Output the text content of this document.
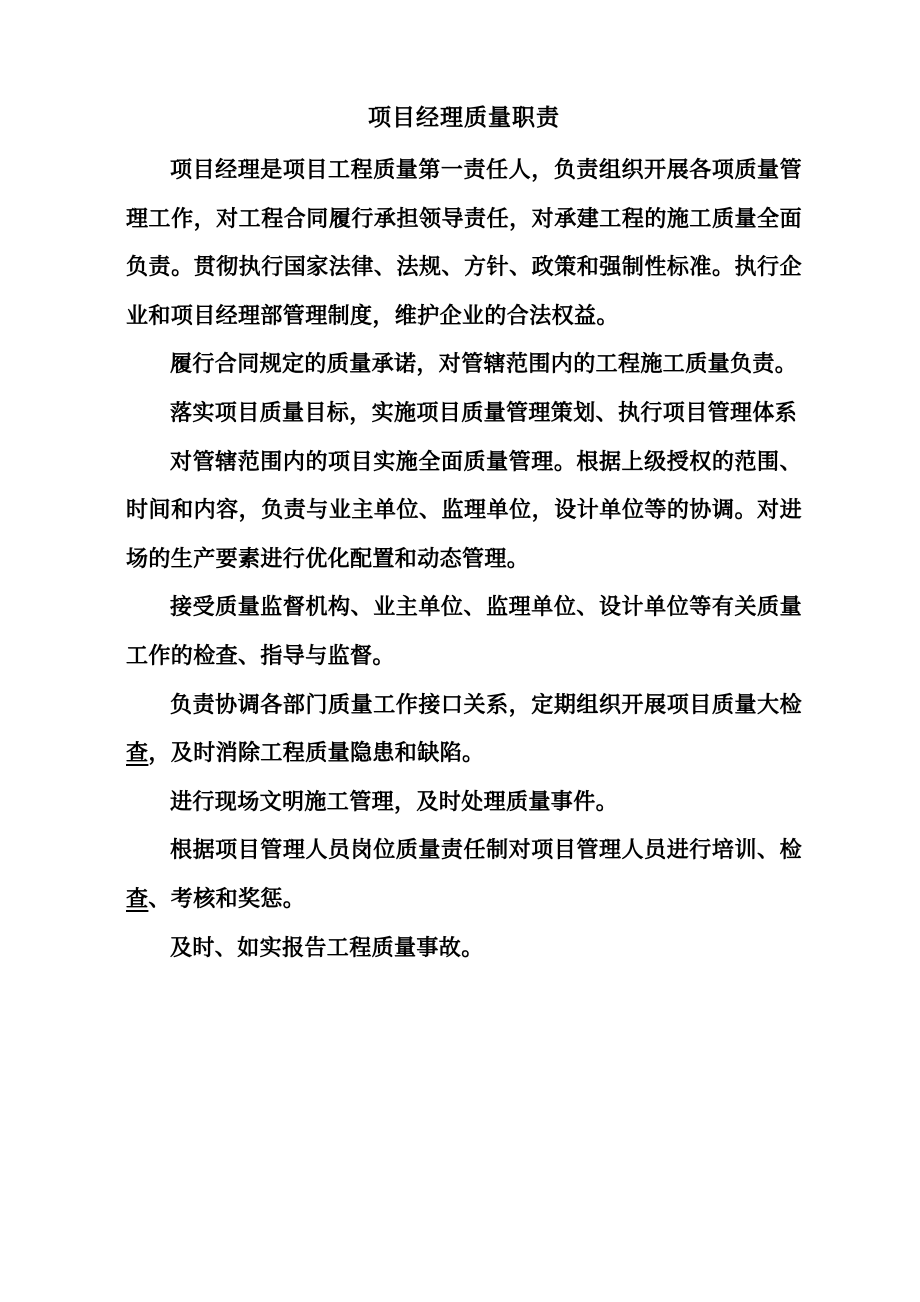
项目经理质量职责
项目经理是项目工程质量第一责任人，负责组织开展各项质量管
理工作，对工程合同履行承担领导责任，对承建工程的施工质量全面
负责。贯彻执行国家法律、法规、方针、政策和强制性标准。执行企
业和项目经理部管理制度，维护企业的合法权益。
履行合同规定的质量承诺，对管辖范围内的工程施工质量负责。
落实项目质量目标，实施项目质量管理策划、执行项目管理体系
对管辖范围内的项目实施全面质量管理。根据上级授权的范围、
时间和内容，负责与业主单位、监理单位，设计单位等的协调。对进
场的生产要素进行优化配置和动态管理。
接受质量监督机构、业主单位、监理单位、设计单位等有关质量
工作的检查、指导与监督。
负责协调各部门质量工作接口关系，定期组织开展项目质量大检
查，及时消除工程质量隐患和缺陷。
进行现场文明施工管理，及时处理质量事件。
根据项目管理人员岗位质量责任制对项目管理人员进行培训、检
查、考核和奖惩。
及时、如实报告工程质量事故。
